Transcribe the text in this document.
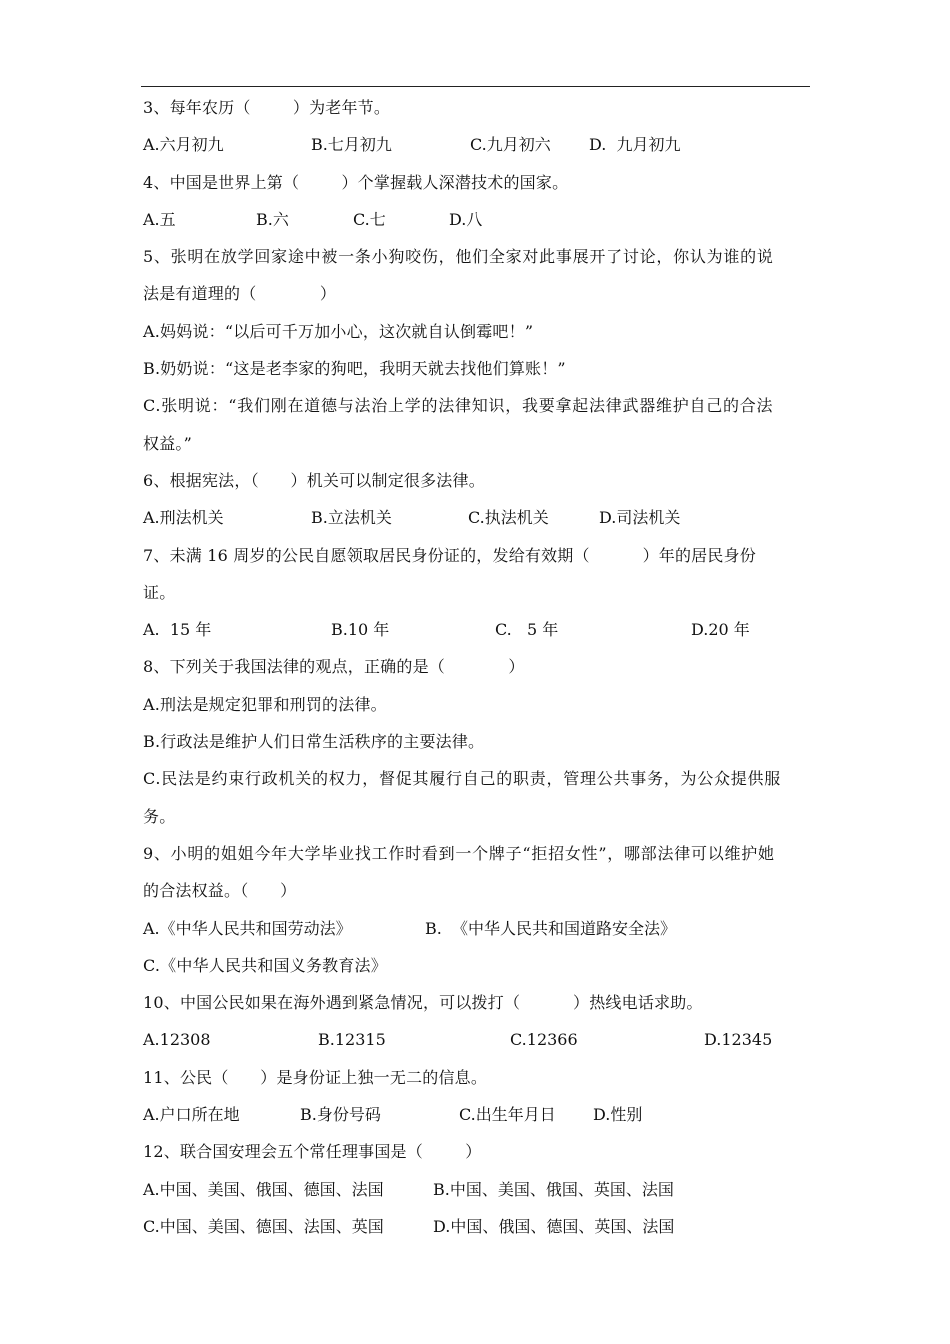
3、每年农历（        ）为老年节。

A.六月初九

	B.七月初九

	C.九月初六

D.  九月初九

4、中国是世界上第（        ）个掌握载人深潜技术的国家。

A.五

	B.六

	C.七

	D.八

5、张明在放学回家途中被一条小狗咬伤，他们全家对此事展开了讨论，你认为谁的说
法是有道理的（            ）
A.妈妈说：“以后可千万加小心，这次就自认倒霉吧！”
B.奶奶说：“这是老李家的狗吧，我明天就去找他们算账！”
C.张明说：“我们刚在道德与法治上学的法律知识，我要拿起法律武器维护自己的合法
权益。”
6、根据宪法，（      ）机关可以制定很多法律。

A.刑法机关

	B.立法机关

	C.执法机关

	D.司法机关

7、未满 16 周岁的公民自愿领取居民身份证的，发给有效期（          ）年的居民身份
证。

A.  15 年

	B.10 年

	C.   5 年

	D.20 年

8、下列关于我国法律的观点，正确的是（            ）
A.刑法是规定犯罪和刑罚的法律。
B.行政法是维护人们日常生活秩序的主要法律。
C.民法是约束行政机关的权力，督促其履行自己的职责，管理公共事务，为公众提供服
务。
9、小明的姐姐今年大学毕业找工作时看到一个牌子“拒招女性”，哪部法律可以维护她
的合法权益。（      ）

A.《中华人民共和国劳动法》

	B.  《中华人民共和国道路安全法》

C.《中华人民共和国义务教育法》
10、中国公民如果在海外遇到紧急情况，可以拨打（          ）热线电话求助。

A.12308

	B.12315

	C.12366

	D.12345

11、公民（      ）是身份证上独一无二的信息。

A.户口所在地

	B.身份号码

	C.出生年月日

D.性别

12、联合国安理会五个常任理事国是（        ）

A.中国、美国、俄国、德国、法国

	B.中国、美国、俄国、英国、法国

C.中国、美国、德国、法国、英国

	D.中国、俄国、德国、英国、法国
